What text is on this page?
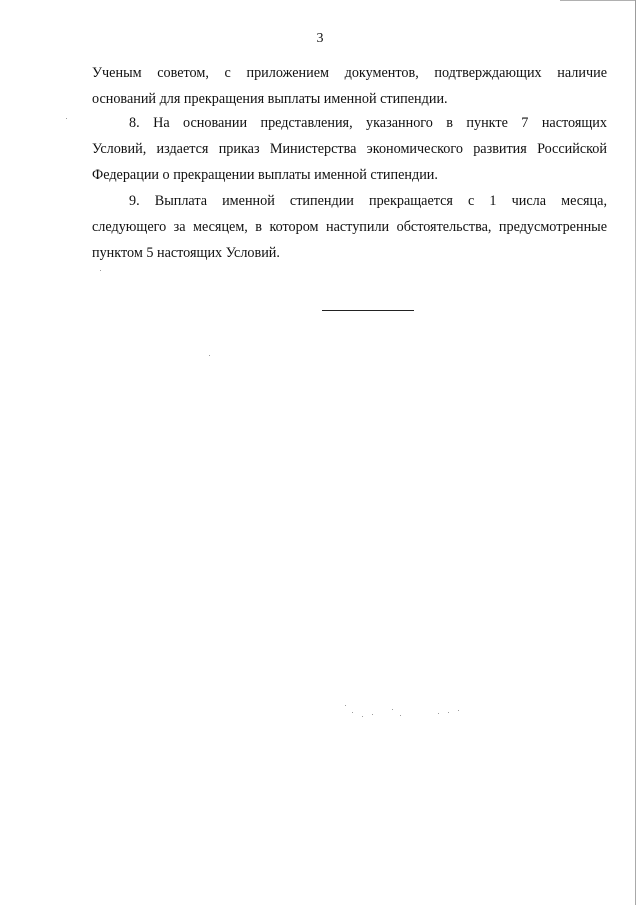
3
Ученым советом, с приложением документов, подтверждающих наличие
оснований для прекращения выплаты именной стипендии.
8. На основании представления, указанного в пункте 7 настоящих
Условий, издается приказ Министерства экономического развития Российской
Федерации о прекращении выплаты именной стипендии.
9. Выплата именной стипендии прекращается с 1 числа месяца,
следующего за месяцем, в котором наступили обстоятельства, предусмотренные
пунктом 5 настоящих Условий.
